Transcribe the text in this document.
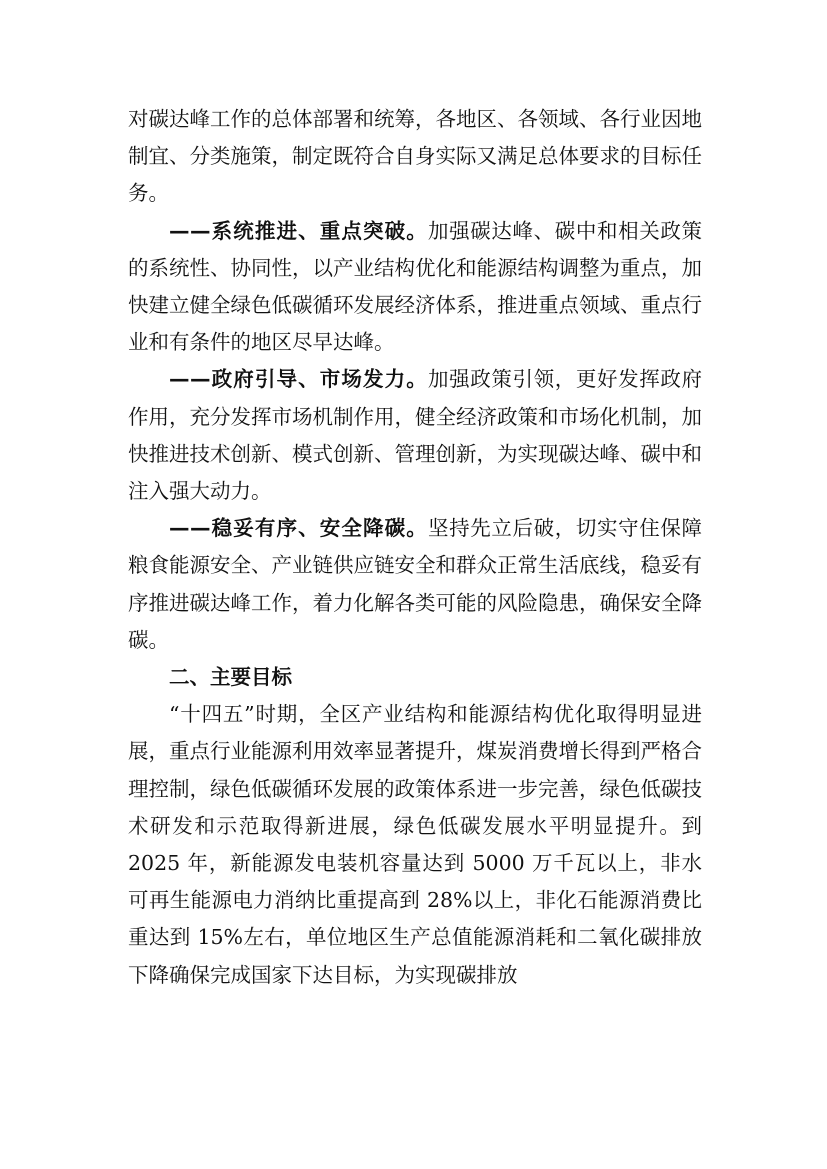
对碳达峰工作的总体部署和统筹，各地区、各领域、各行业因地制宜、分类施策，制定既符合自身实际又满足总体要求的目标任务。

——系统推进、重点突破。加强碳达峰、碳中和相关政策的系统性、协同性，以产业结构优化和能源结构调整为重点，加快建立健全绿色低碳循环发展经济体系，推进重点领域、重点行业和有条件的地区尽早达峰。

——政府引导、市场发力。加强政策引领，更好发挥政府作用，充分发挥市场机制作用，健全经济政策和市场化机制，加快推进技术创新、模式创新、管理创新，为实现碳达峰、碳中和注入强大动力。

——稳妥有序、安全降碳。坚持先立后破，切实守住保障粮食能源安全、产业链供应链安全和群众正常生活底线，稳妥有序推进碳达峰工作，着力化解各类可能的风险隐患，确保安全降碳。

二、主要目标

“十四五”时期，全区产业结构和能源结构优化取得明显进展，重点行业能源利用效率显著提升，煤炭消费增长得到严格合理控制，绿色低碳循环发展的政策体系进一步完善，绿色低碳技术研发和示范取得新进展，绿色低碳发展水平明显提升。到 2025 年，新能源发电装机容量达到 5000 万千瓦以上，非水可再生能源电力消纳比重提高到 28%以上，非化石能源消费比重达到 15%左右，单位地区生产总值能源消耗和二氧化碳排放下降确保完成国家下达目标，为实现碳排放
